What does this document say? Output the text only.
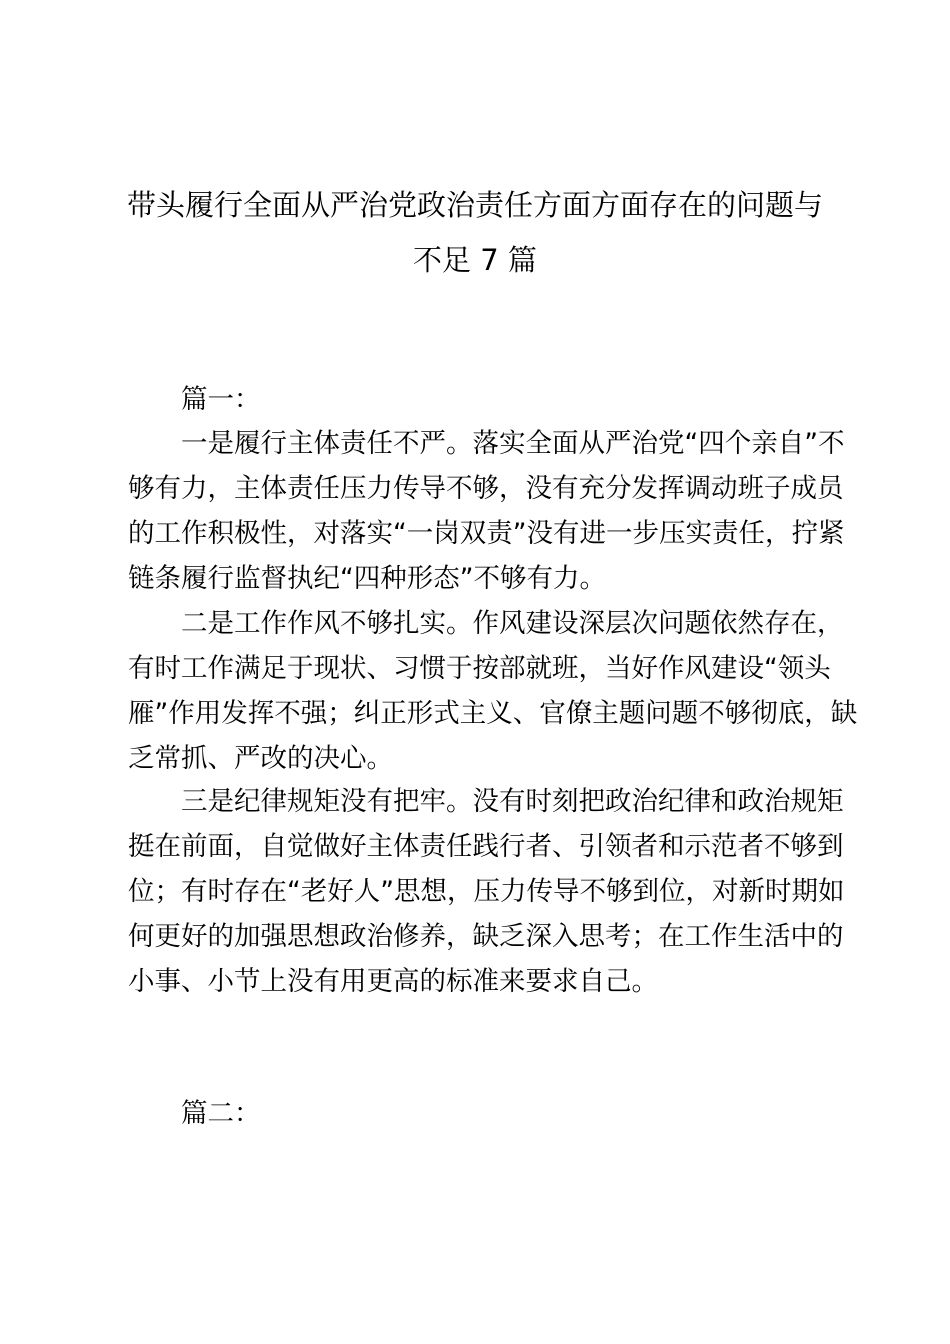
带头履行全面从严治党政治责任方面方面存在的问题与
不足 7 篇
篇一：
一是履行主体责任不严。落实全面从严治党“四个亲自”不
够有力，主体责任压力传导不够，没有充分发挥调动班子成员
的工作积极性，对落实“一岗双责”没有进一步压实责任，拧紧
链条履行监督执纪“四种形态”不够有力。
二是工作作风不够扎实。作风建设深层次问题依然存在，
有时工作满足于现状、习惯于按部就班，当好作风建设“领头
雁”作用发挥不强；纠正形式主义、官僚主题问题不够彻底，缺
乏常抓、严改的决心。
三是纪律规矩没有把牢。没有时刻把政治纪律和政治规矩
挺在前面，自觉做好主体责任践行者、引领者和示范者不够到
位；有时存在“老好人”思想，压力传导不够到位，对新时期如
何更好的加强思想政治修养，缺乏深入思考；在工作生活中的
小事、小节上没有用更高的标准来要求自己。
篇二：
